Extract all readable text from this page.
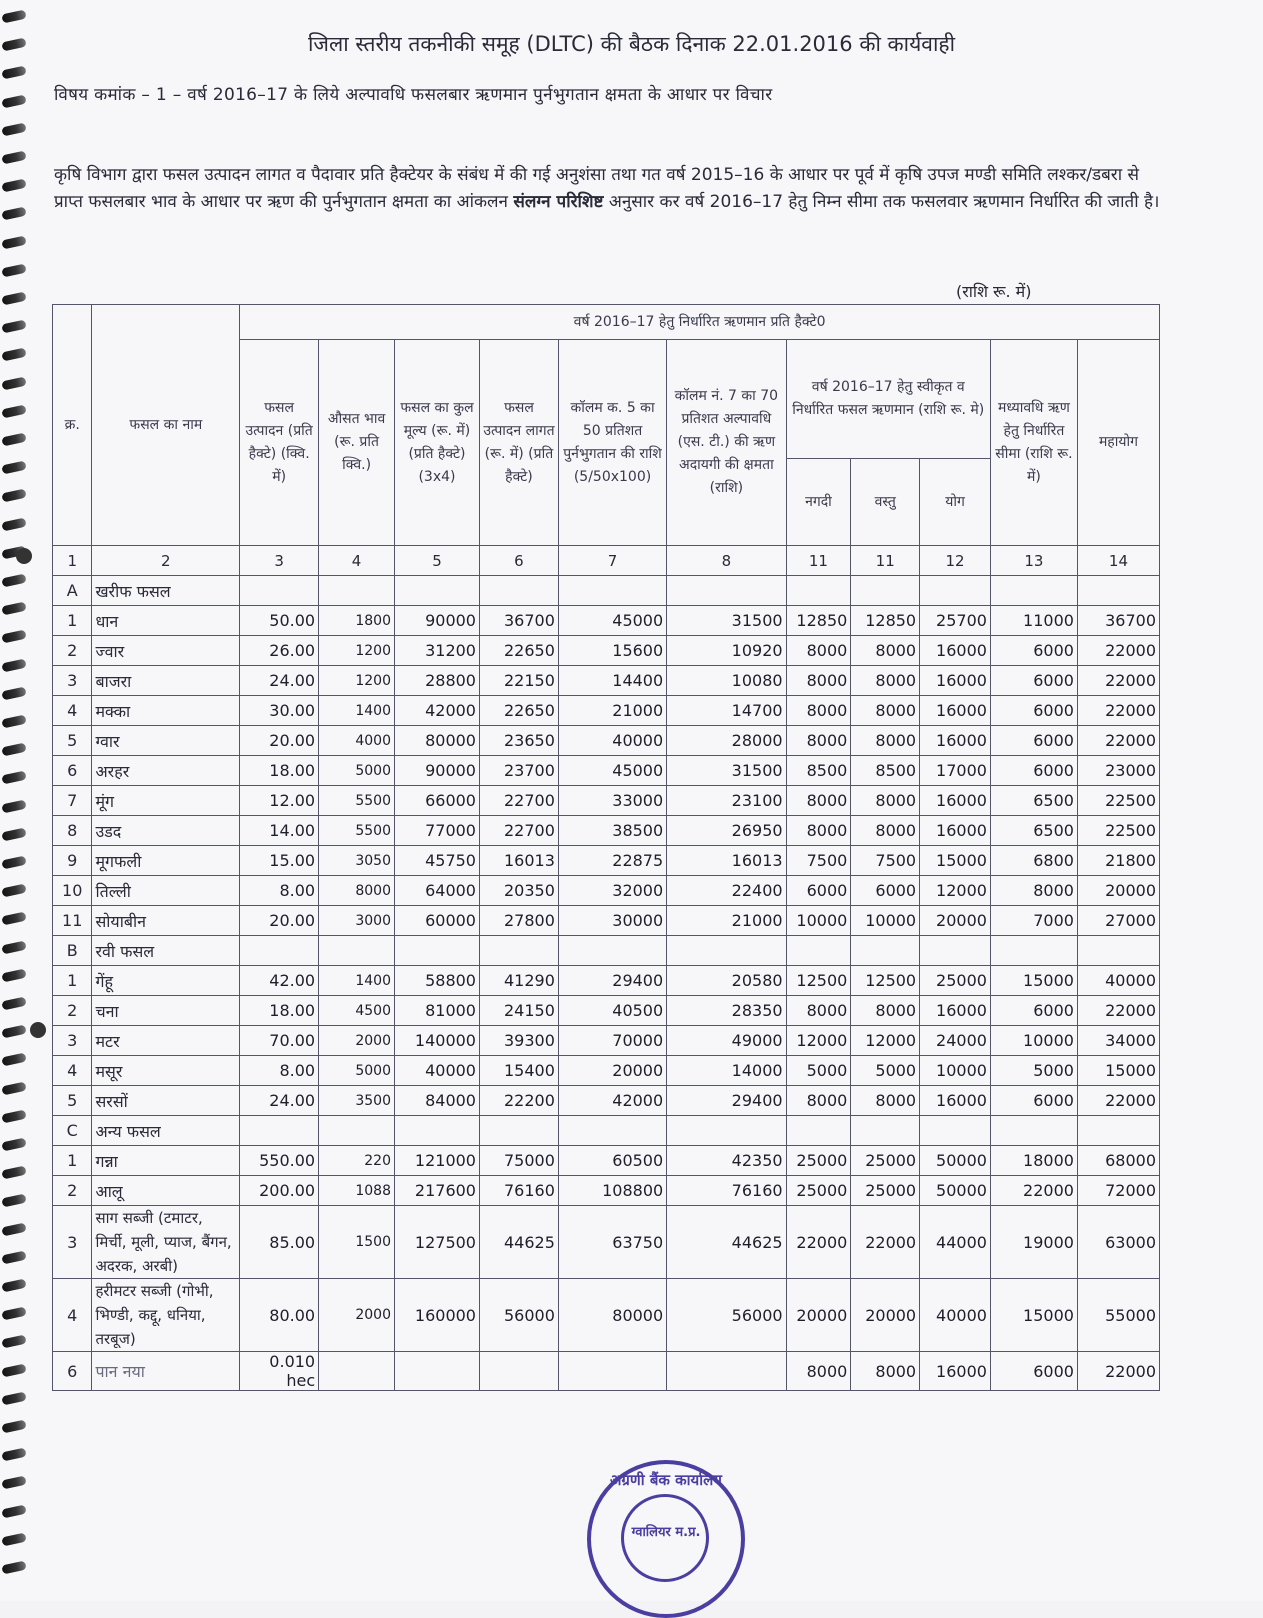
जिला स्तरीय तकनीकी समूह (DLTC) की बैठक दिनाक 22.01.2016 की कार्यवाही
विषय कमांक – 1 – वर्ष 2016–17 के लिये अल्पावधि फसलबार ऋणमान पुर्नभुगतान क्षमता के आधार पर विचार
कृषि विभाग द्वारा फसल उत्पादन लागत व पैदावार प्रति हैक्टेयर के संबंध में की गई अनुशंसा तथा गत वर्ष 2015–16 के आधार पर पूर्व में कृषि उपज मण्डी समिति लश्कर/डबरा से प्राप्त फसलबार भाव के आधार पर ऋण की पुर्नभुगतान क्षमता का आंकलन संलग्न परिशिष्ट अनुसार कर वर्ष 2016–17 हेतु निम्न सीमा तक फसलवार ऋणमान निर्धारित की जाती है।
(राशि रू. में)
क्र.	फसल का नाम	वर्ष 2016–17 हेतु निर्धारित ऋणमान प्रति हैक्टे0										
		फसल उत्पादन (प्रति हैक्टे) (क्वि. में)	औसत भाव (रू. प्रति क्वि.)	फसल का कुल मूल्य (रू. में) (प्रति हैक्टे) (3x4)	फसल उत्पादन लागत (रू. में) (प्रति हैक्टे)	कॉलम क. 5 का 50 प्रतिशत पुर्नभुगतान की राशि (5/50x100)	कॉलम नं. 7 का 70 प्रतिशत अल्पावधि (एस. टी.) की ऋण अदायगी की क्षमता (राशि)	वर्ष 2016–17 हेतु स्वीकृत व निर्धारित फसल ऋणमान (राशि रू. मे)			मध्यावधि ऋण हेतु निर्धारित सीमा (राशि रू. में)	महायोग
								नगदी	वस्तु	योग		
1	2	3	4	5	6	7	8	11	11	12	13	14
A	खरीफ फसल											
1	धान	50.00	1800	90000	36700	45000	31500	12850	12850	25700	11000	36700
2	ज्वार	26.00	1200	31200	22650	15600	10920	8000	8000	16000	6000	22000
3	बाजरा	24.00	1200	28800	22150	14400	10080	8000	8000	16000	6000	22000
4	मक्का	30.00	1400	42000	22650	21000	14700	8000	8000	16000	6000	22000
5	ग्वार	20.00	4000	80000	23650	40000	28000	8000	8000	16000	6000	22000
6	अरहर	18.00	5000	90000	23700	45000	31500	8500	8500	17000	6000	23000
7	मूंग	12.00	5500	66000	22700	33000	23100	8000	8000	16000	6500	22500
8	उडद	14.00	5500	77000	22700	38500	26950	8000	8000	16000	6500	22500
9	मूगफली	15.00	3050	45750	16013	22875	16013	7500	7500	15000	6800	21800
10	तिल्ली	8.00	8000	64000	20350	32000	22400	6000	6000	12000	8000	20000
11	सोयाबीन	20.00	3000	60000	27800	30000	21000	10000	10000	20000	7000	27000
B	रवी फसल											
1	गेंहू	42.00	1400	58800	41290	29400	20580	12500	12500	25000	15000	40000
2	चना	18.00	4500	81000	24150	40500	28350	8000	8000	16000	6000	22000
3	मटर	70.00	2000	140000	39300	70000	49000	12000	12000	24000	10000	34000
4	मसूर	8.00	5000	40000	15400	20000	14000	5000	5000	10000	5000	15000
5	सरसों	24.00	3500	84000	22200	42000	29400	8000	8000	16000	6000	22000
C	अन्य फसल											
1	गन्ना	550.00	220	121000	75000	60500	42350	25000	25000	50000	18000	68000
2	आलू	200.00	1088	217600	76160	108800	76160	25000	25000	50000	22000	72000
3	साग सब्जी (टमाटर, मिर्ची, मूली, प्याज, बैंगन, अदरक, अरबी)	85.00	1500	127500	44625	63750	44625	22000	22000	44000	19000	63000
4	हरीमटर सब्जी (गोभी, भिण्डी, कद्दू, धनिया, तरबूज)	80.00	2000	160000	56000	80000	56000	20000	20000	40000	15000	55000
6	पान नया	0.010 hec						8000	8000	16000	6000	22000
अग्रणी बैंक कार्यालय
ग्वालियर म.प्र.
